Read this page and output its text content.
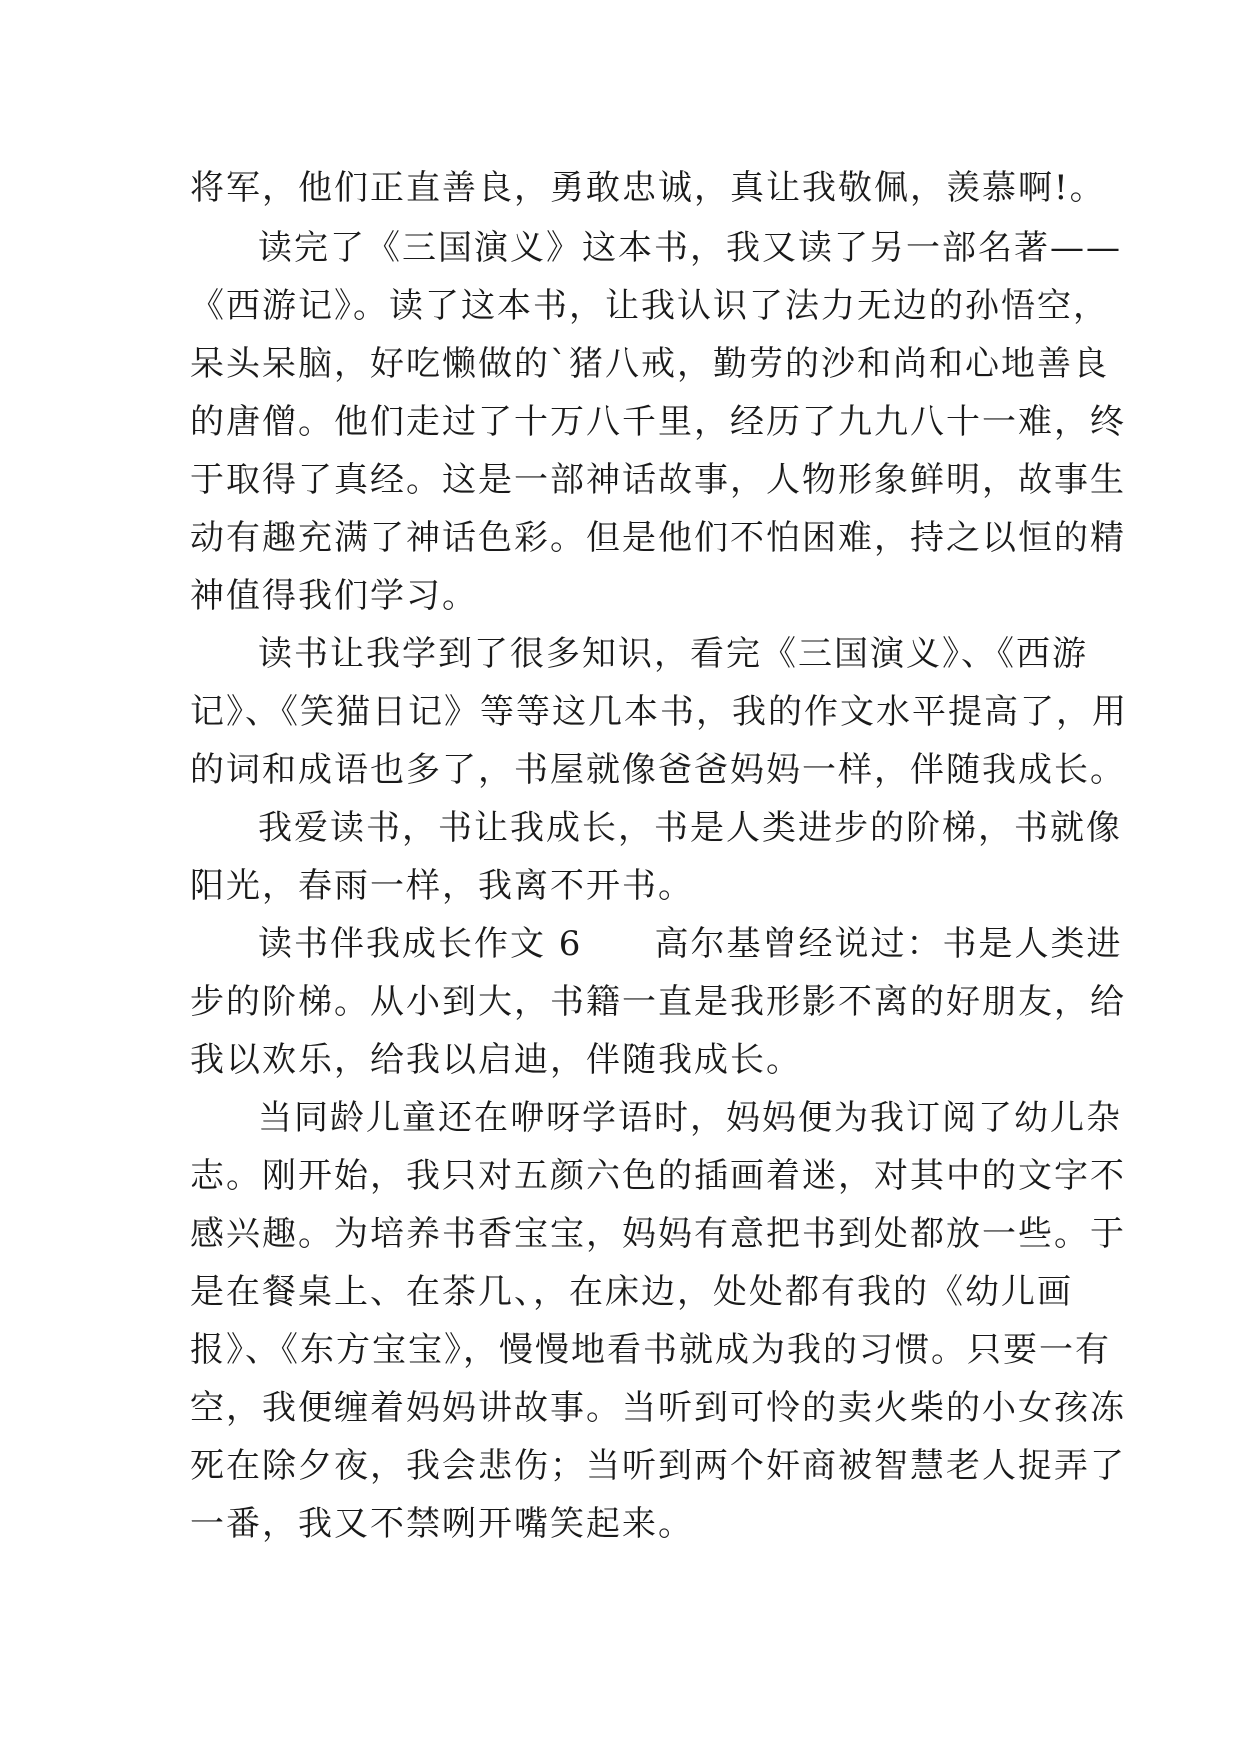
将军，他们正直善良，勇敢忠诚，真让我敬佩，羡慕啊!。

读完了《三国演义》这本书，我又读了另一部名著——

《西游记》。读了这本书，让我认识了法力无边的孙悟空，

呆头呆脑，好吃懒做的`猪八戒，勤劳的沙和尚和心地善良

的唐僧。他们走过了十万八千里，经历了九九八十一难，终

于取得了真经。这是一部神话故事，人物形象鲜明，故事生

动有趣充满了神话色彩。但是他们不怕困难，持之以恒的精

神值得我们学习。

读书让我学到了很多知识，看完《三国演义》、《西游

记》、《笑猫日记》等等这几本书，我的作文水平提高了，用

的词和成语也多了，书屋就像爸爸妈妈一样，伴随我成长。

我爱读书，书让我成长，书是人类进步的阶梯，书就像

阳光，春雨一样，我离不开书。

读书伴我成长作文 6　　高尔基曾经说过：书是人类进

步的阶梯。从小到大，书籍一直是我形影不离的好朋友，给

我以欢乐，给我以启迪，伴随我成长。

当同龄儿童还在咿呀学语时，妈妈便为我订阅了幼儿杂

志。刚开始，我只对五颜六色的插画着迷，对其中的文字不

感兴趣。为培养书香宝宝，妈妈有意把书到处都放一些。于

是在餐桌上、在茶几、，在床边，处处都有我的《幼儿画

报》、《东方宝宝》，慢慢地看书就成为我的习惯。只要一有

空，我便缠着妈妈讲故事。当听到可怜的卖火柴的小女孩冻

死在除夕夜，我会悲伤；当听到两个奸商被智慧老人捉弄了

一番，我又不禁咧开嘴笑起来。
